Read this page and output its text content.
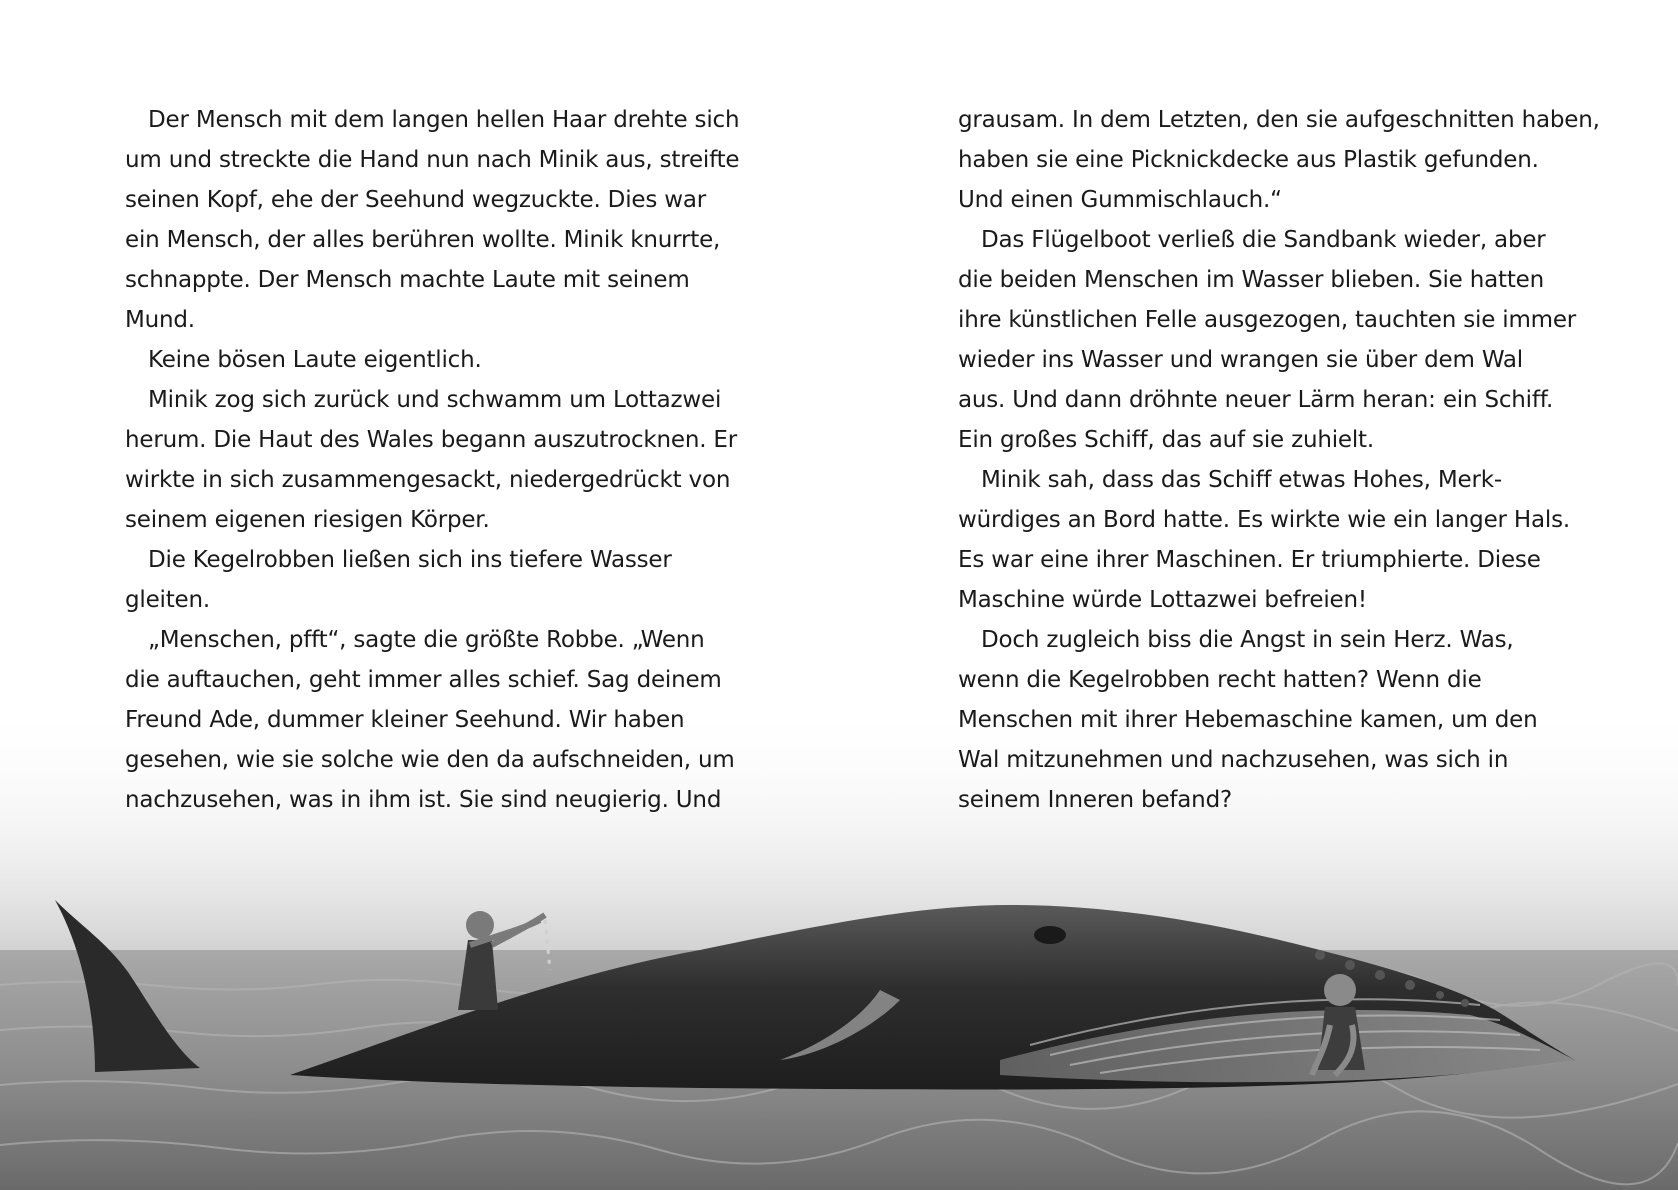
Der Mensch mit dem langen hellen Haar drehte sich

um und streckte die Hand nun nach Minik aus, streifte

seinen Kopf, ehe der Seehund wegzuckte. Dies war

ein Mensch, der alles berühren wollte. Minik knurrte,

schnappte. Der Mensch machte Laute mit seinem

Mund.

Keine bösen Laute eigentlich.

Minik zog sich zurück und schwamm um Lottazwei

herum. Die Haut des Wales begann auszutrocknen. Er

wirkte in sich zusammengesackt, niedergedrückt von

seinem eigenen riesigen Körper.

Die Kegelrobben ließen sich ins tiefere Wasser

gleiten.

„Menschen, pfft“, sagte die größte Robbe. „Wenn

die auftauchen, geht immer alles schief. Sag deinem

Freund Ade, dummer kleiner Seehund. Wir haben

gesehen, wie sie solche wie den da aufschneiden, um

nachzusehen, was in ihm ist. Sie sind neugierig. Und

grausam. In dem Letzten, den sie aufgeschnitten haben,

haben sie eine Picknickdecke aus Plastik gefunden.

Und einen Gummischlauch.“

Das Flügelboot verließ die Sandbank wieder, aber

die beiden Menschen im Wasser blieben. Sie hatten

ihre künstlichen Felle ausgezogen, tauchten sie immer

wieder ins Wasser und wrangen sie über dem Wal

aus. Und dann dröhnte neuer Lärm heran: ein Schiff.

Ein großes Schiff, das auf sie zuhielt.

Minik sah, dass das Schiff etwas Hohes, Merk-

würdiges an Bord hatte. Es wirkte wie ein langer Hals.

Es war eine ihrer Maschinen. Er triumphierte. Diese

Maschine würde Lottazwei befreien!

Doch zugleich biss die Angst in sein Herz. Was,

wenn die Kegelrobben recht hatten? Wenn die

Menschen mit ihrer Hebemaschine kamen, um den

Wal mitzunehmen und nachzusehen, was sich in

seinem Inneren befand?
